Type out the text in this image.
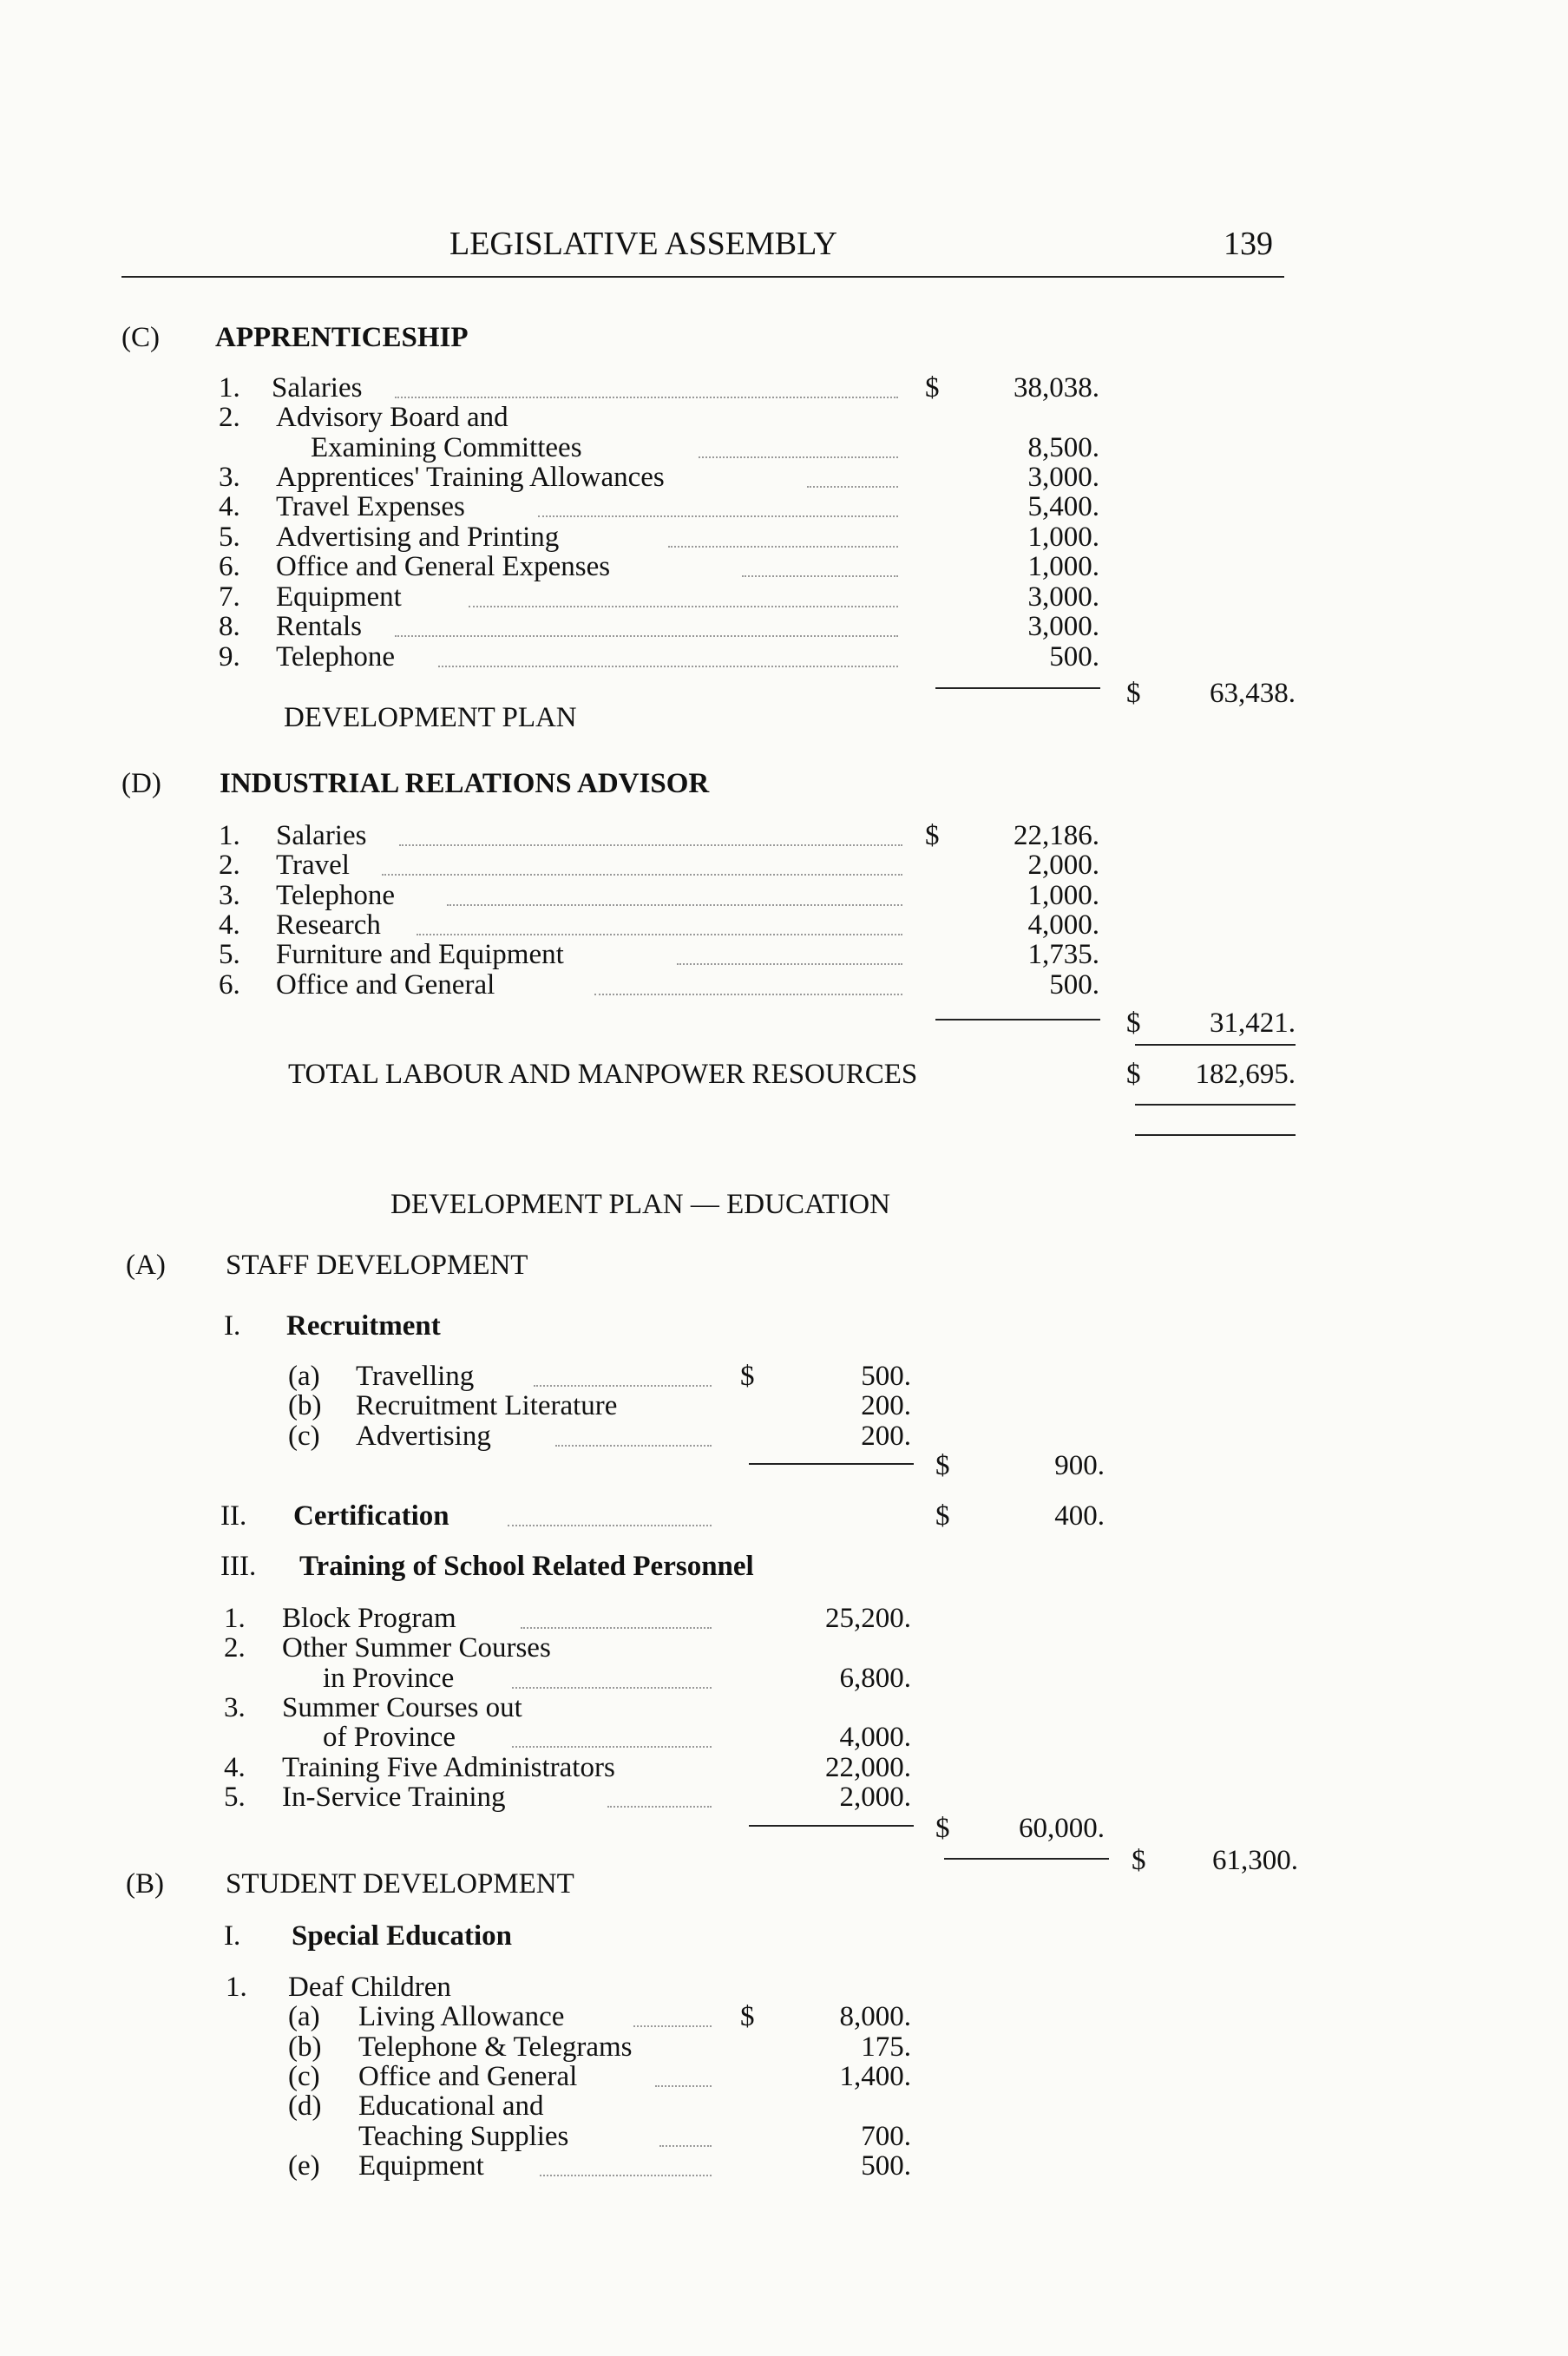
LEGISLATIVE ASSEMBLY	139
(C) APPRENTICESHIP
1. Salaries	$	38,038.
2. Advisory Board and
Examining Committees	8,500.
3. Apprentices' Training Allowances	3,000.
4. Travel Expenses	5,400.
5. Advertising and Printing	1,000.
6. Office and General Expenses	1,000.
7. Equipment	3,000.
8. Rentals	3,000.
9. Telephone	500.
$	63,438.
DEVELOPMENT PLAN
(D) INDUSTRIAL RELATIONS ADVISOR
1. Salaries	$	22,186.
2. Travel	2,000.
3. Telephone	1,000.
4. Research	4,000.
5. Furniture and Equipment	1,735.
6. Office and General	500.
$	31,421.
TOTAL LABOUR AND MANPOWER RESOURCES	$	182,695.
DEVELOPMENT PLAN — EDUCATION
(A) STAFF DEVELOPMENT
I. Recruitment
(a) Travelling	$	500.
(b) Recruitment Literature	200.
(c) Advertising	200.
$	900.
II. Certification	$	400.
III. Training of School Related Personnel
1. Block Program	25,200.
2. Other Summer Courses
in Province	6,800.
3. Summer Courses out
of Province	4,000.
4. Training Five Administrators	22,000.
5. In-Service Training	2,000.
$	60,000.
$	61,300.
(B) STUDENT DEVELOPMENT
I. Special Education
1. Deaf Children
(a) Living Allowance	$	8,000.
(b) Telephone & Telegrams	175.
(c) Office and General	1,400.
(d) Educational and
Teaching Supplies	700.
(e) Equipment	500.
